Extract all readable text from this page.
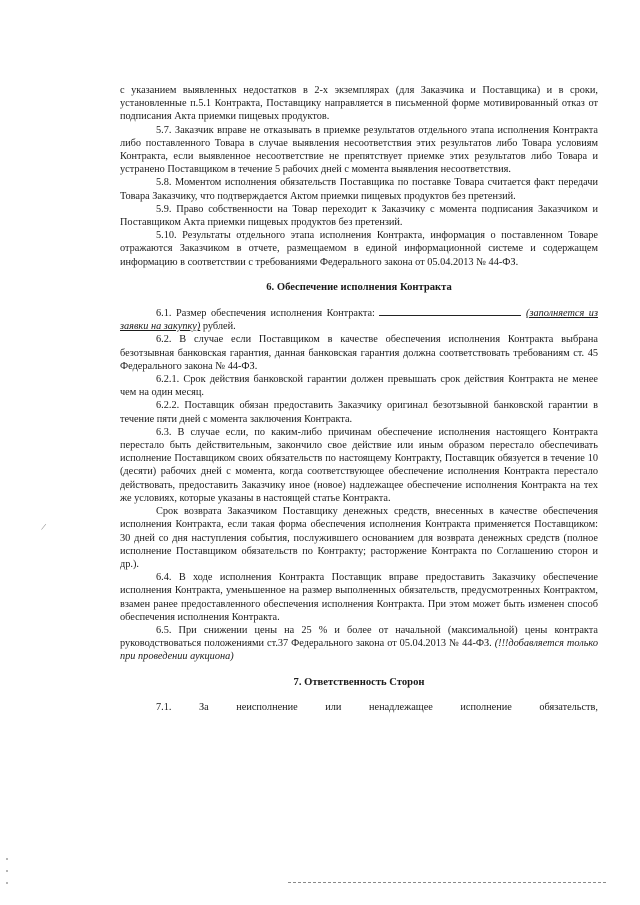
с указанием выявленных недостатков в 2-х экземплярах (для Заказчика и Поставщика) и в сроки, установленные п.5.1 Контракта, Поставщику направляется в письменной форме мотивированный отказ от подписания Акта приемки пищевых продуктов.

5.7. Заказчик вправе не отказывать в приемке результатов отдельного этапа исполнения Контракта либо поставленного Товара в случае выявления несоответствия этих результатов либо Товара условиям Контракта, если выявленное несоответствие не препятствует приемке этих результатов либо Товара и устранено Поставщиком в течение 5 рабочих дней с момента выявления несоответствия.

5.8. Моментом исполнения обязательств Поставщика по поставке Товара считается факт передачи Товара Заказчику, что подтверждается Актом приемки пищевых продуктов без претензий.

5.9. Право собственности на Товар переходит к Заказчику с момента подписания Заказчиком и Поставщиком Акта приемки пищевых продуктов без претензий.

5.10. Результаты отдельного этапа исполнения Контракта, информация о поставленном Товаре отражаются Заказчиком в отчете, размещаемом в единой информационной системе и содержащем информацию в соответствии с требованиями Федерального закона от 05.04.2013 № 44-ФЗ.

6. Обеспечение исполнения Контракта

6.1. Размер обеспечения исполнения Контракта:	(заполняется из заявки на закупку) рублей.

6.2. В случае если Поставщиком в качестве обеспечения исполнения Контракта выбрана безотзывная банковская гарантия, данная банковская гарантия должна соответствовать требованиям ст. 45 Федерального закона № 44-ФЗ.

6.2.1. Срок действия банковской гарантии должен превышать срок действия Контракта не менее чем на один месяц.

6.2.2. Поставщик обязан предоставить Заказчику оригинал безотзывной банковской гарантии в течение пяти дней с момента заключения Контракта.

6.3. В случае если, по каким-либо причинам обеспечение исполнения настоящего Контракта перестало быть действительным, закончило свое действие или иным образом перестало обеспечивать исполнение Поставщиком своих обязательств по настоящему Контракту, Поставщик обязуется в течение 10 (десяти) рабочих дней с момента, когда соответствующее обеспечение исполнения Контракта перестало действовать, предоставить Заказчику иное (новое) надлежащее обеспечение исполнения Контракта на тех же условиях, которые указаны в настоящей статье Контракта.

Срок возврата Заказчиком Поставщику денежных средств, внесенных в качестве обеспечения исполнения Контракта, если такая форма обеспечения исполнения Контракта применяется Поставщиком: 30 дней со дня наступления события, послужившего основанием для возврата денежных средств (полное исполнение Поставщиком обязательств по Контракту; расторжение Контракта по Соглашению сторон и др.).

6.4. В ходе исполнения Контракта Поставщик вправе предоставить Заказчику обеспечение исполнения Контракта, уменьшенное на размер выполненных обязательств, предусмотренных Контрактом, взамен ранее предоставленного обеспечения исполнения Контракта. При этом может быть изменен способ обеспечения исполнения Контракта.

6.5. При снижении цены на 25 % и более от начальной (максимальной) цены контракта руководствоваться положениями ст.37 Федерального закона от 05.04.2013 № 44-ФЗ. (!!!добавляется только при проведении аукциона)

7. Ответственность Сторон
7.1.	За	неисполнение	или	ненадлежащее	исполнение	обязательств,
/
